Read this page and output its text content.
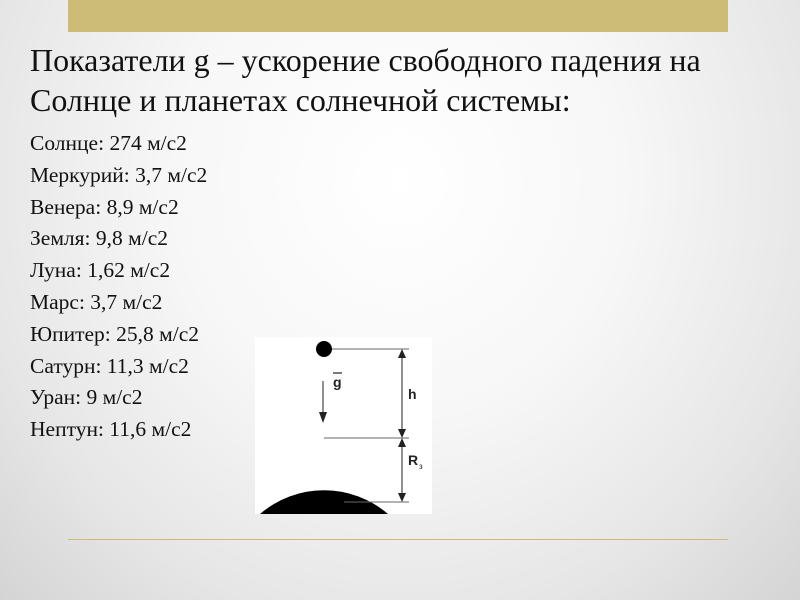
Показатели g – ускорение свободного падения на
Солнце и планетах солнечной системы:
Солнце: 274 м/с2
Меркурий: 3,7 м/с2
Венера: 8,9 м/с2
Земля: 9,8 м/с2
Луна: 1,62 м/с2
Марс: 3,7 м/с2
Юпитер: 25,8 м/с2
Сатурн: 11,3 м/с2
Уран: 9 м/с2
Нептун: 11,6 м/с2
g
h
R з
